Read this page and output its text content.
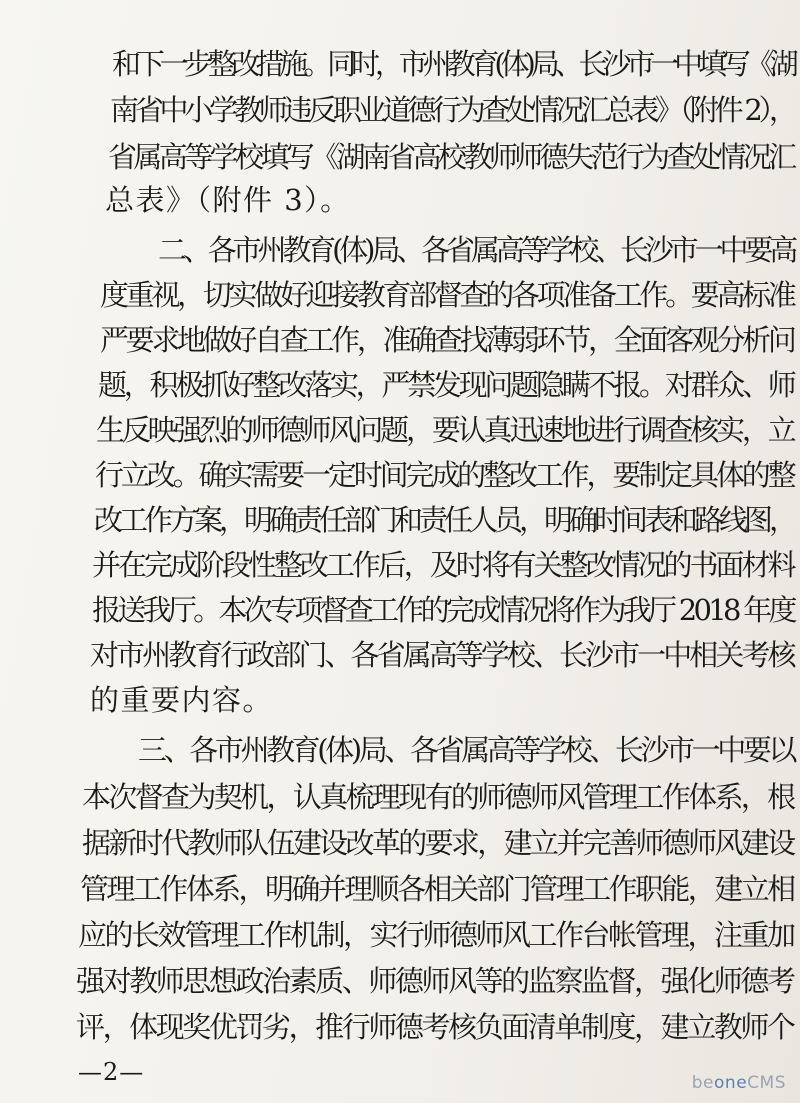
和下一步整改措施。同时，市州教育(体)局、长沙市一中填写《湖
南省中小学教师违反职业道德行为查处情况汇总表》（附件 2），
省属高等学校填写《湖南省高校教师师德失范行为查处情况汇
总表》（附件 3）。
二、各市州教育(体)局、各省属高等学校、长沙市一中要高
度重视，切实做好迎接教育部督查的各项准备工作。要高标准
严要求地做好自查工作，准确查找薄弱环节，全面客观分析问
题，积极抓好整改落实，严禁发现问题隐瞒不报。对群众、师
生反映强烈的师德师风问题，要认真迅速地进行调查核实，立
行立改。确实需要一定时间完成的整改工作，要制定具体的整
改工作方案，明确责任部门和责任人员，明确时间表和路线图，
并在完成阶段性整改工作后，及时将有关整改情况的书面材料
报送我厅。本次专项督查工作的完成情况将作为我厅 2018 年度
对市州教育行政部门、各省属高等学校、长沙市一中相关考核
的重要内容。
三、各市州教育(体)局、各省属高等学校、长沙市一中要以
本次督查为契机，认真梳理现有的师德师风管理工作体系，根
据新时代教师队伍建设改革的要求，建立并完善师德师风建设
管理工作体系，明确并理顺各相关部门管理工作职能，建立相
应的长效管理工作机制，实行师德师风工作台帐管理，注重加
强对教师思想政治素质、师德师风等的监察监督，强化师德考
评，体现奖优罚劣，推行师德考核负面清单制度，建立教师个
—2—	beoneCMS
